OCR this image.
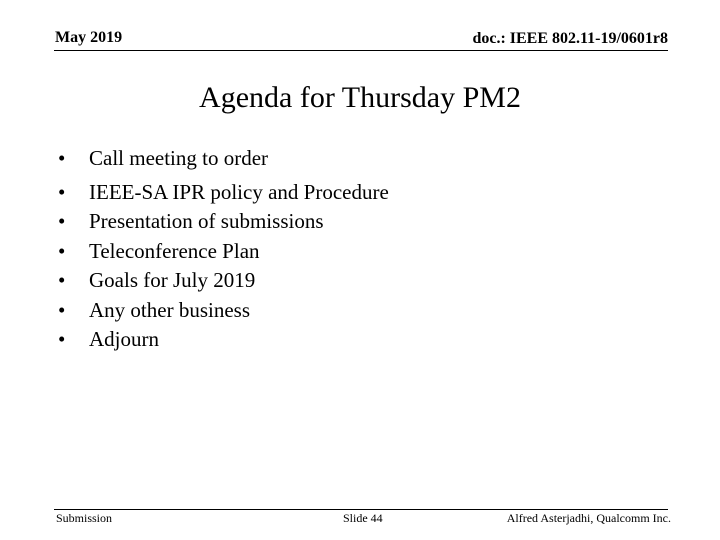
May 2019	doc.: IEEE 802.11-19/0601r8
Agenda for Thursday PM2
• Call meeting to order
• IEEE-SA IPR policy and Procedure
• Presentation of submissions
• Teleconference Plan
• Goals for July 2019
• Any other business
• Adjourn
Submission	Slide 44	Alfred Asterjadhi, Qualcomm Inc.
